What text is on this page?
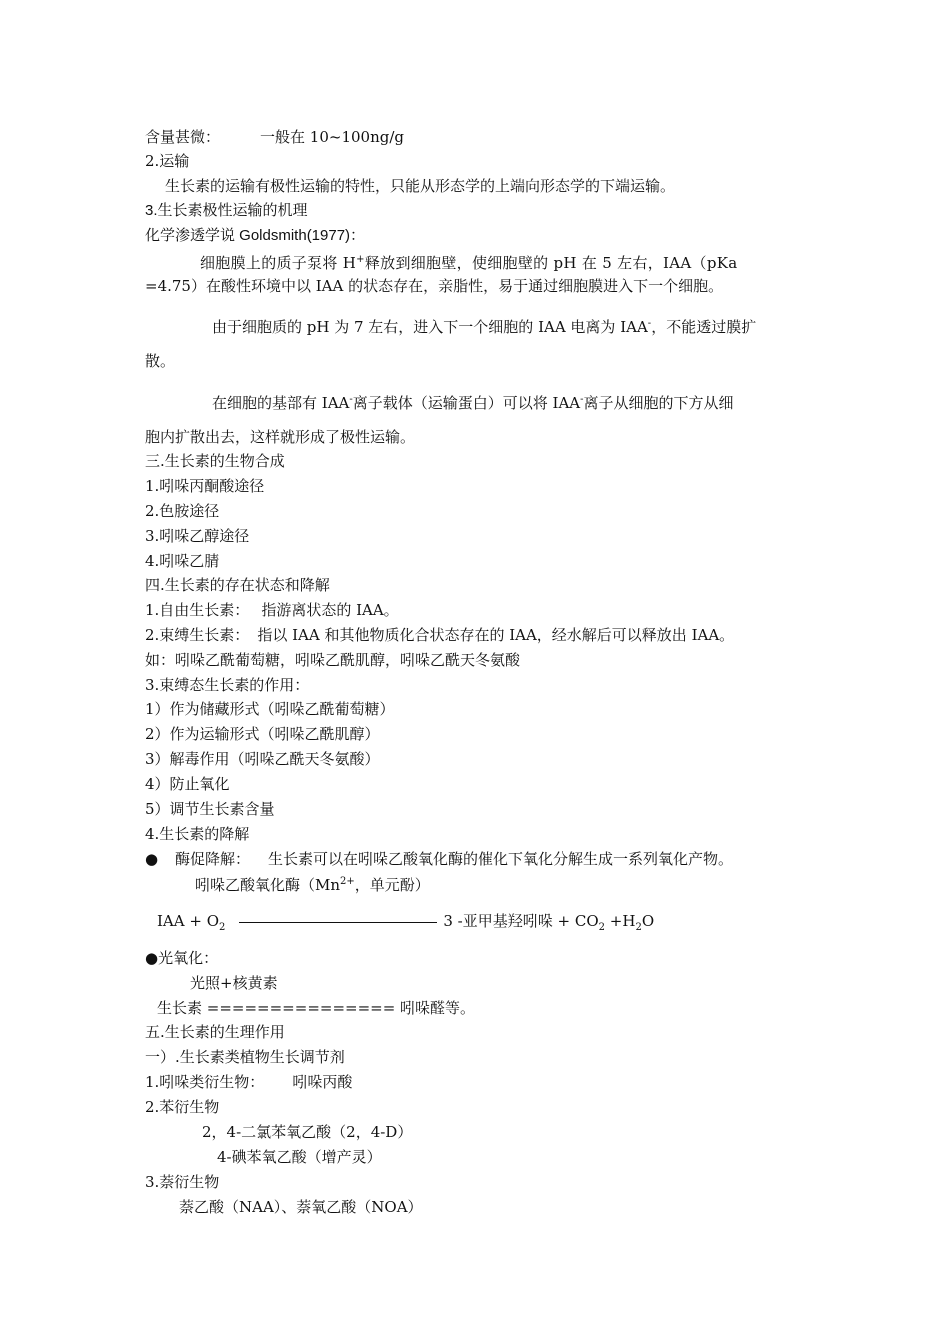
含量甚微：	一般在 10~100ng/g
2.运输
生长素的运输有极性运输的特性，只能从形态学的上端向形态学的下端运输。
3.生长素极性运输的机理
化学渗透学说 Goldsmith(1977)：
细胞膜上的质子泵将 H+释放到细胞壁，使细胞壁的 pH 在 5 左右，IAA（pKa
=4.75）在酸性环境中以 IAA 的状态存在，亲脂性，易于通过细胞膜进入下一个细胞。
由于细胞质的 pH 为 7 左右，进入下一个细胞的 IAA 电离为 IAA-，不能透过膜扩
散。
在细胞的基部有 IAA-离子载体（运输蛋白）可以将 IAA-离子从细胞的下方从细
胞内扩散出去，这样就形成了极性运输。
三.生长素的生物合成
1.吲哚丙酮酸途径
2.色胺途径
3.吲哚乙醇途径
4.吲哚乙腈
四.生长素的存在状态和降解
1.自由生长素： 指游离状态的 IAA。
2.束缚生长素： 指以 IAA 和其他物质化合状态存在的 IAA，经水解后可以释放出 IAA。
如：吲哚乙酰葡萄糖，吲哚乙酰肌醇，吲哚乙酰天冬氨酸
3.束缚态生长素的作用：
1）作为储藏形式（吲哚乙酰葡萄糖）
2）作为运输形式（吲哚乙酰肌醇）
3）解毒作用（吲哚乙酰天冬氨酸）
4）防止氧化
5）调节生长素含量
4.生长素的降解
● 酶促降解： 生长素可以在吲哚乙酸氧化酶的催化下氧化分解生成一系列氧化产物。
吲哚乙酸氧化酶（$Mn^{2+}$，单元酚）
IAA + $O_2$	3 -亚甲基羟吲哚 + $CO_2 +H_2O$
●光氧化：
光照+核黄素
生长素 =============== 吲哚醛等。
五.生长素的生理作用
一）.生长素类植物生长调节剂
1.吲哚类衍生物： 吲哚丙酸
2.苯衍生物
2，4-二氯苯氧乙酸（2，4-D）
4-碘苯氧乙酸（增产灵）
3.萘衍生物
萘乙酸（NAA）、萘氧乙酸（NOA）
